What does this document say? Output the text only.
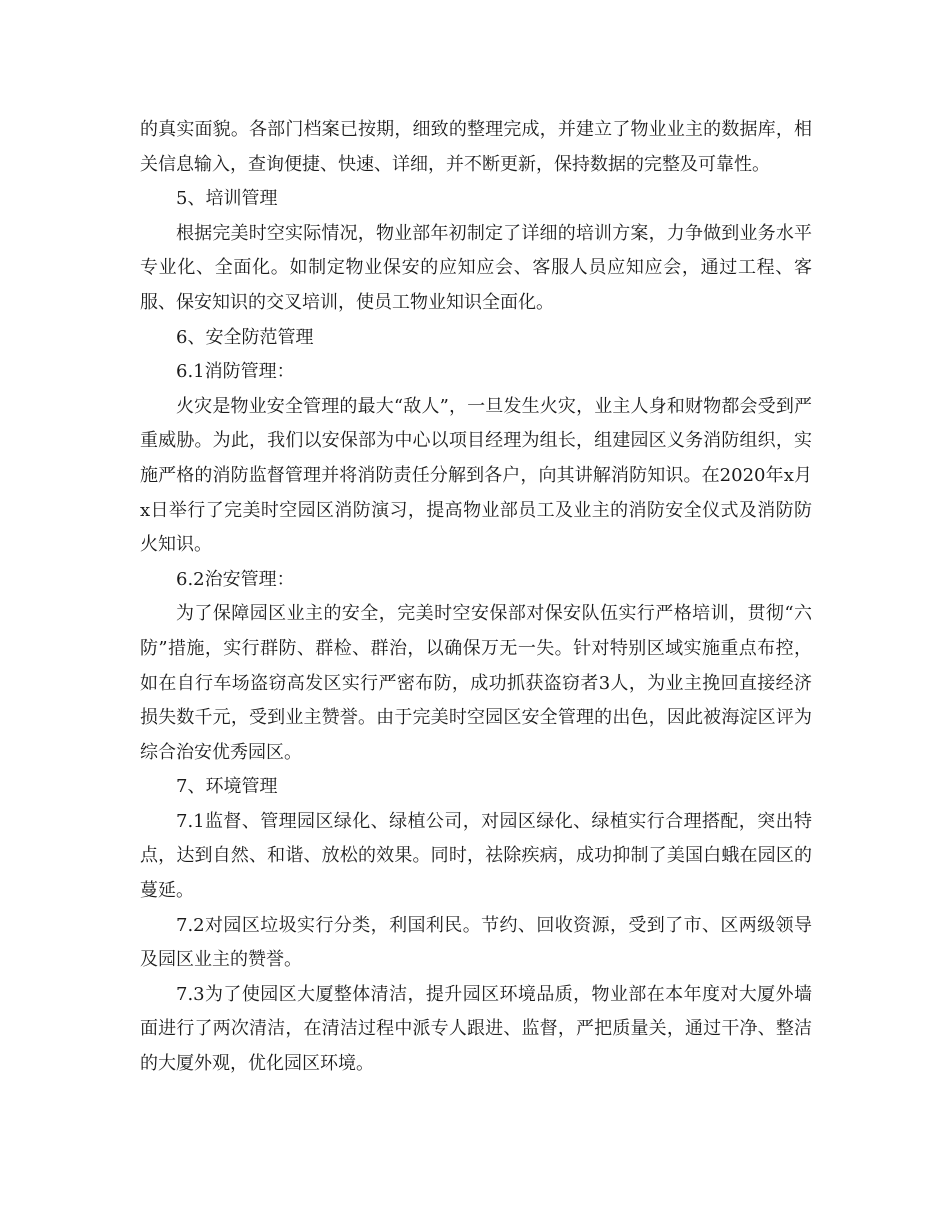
的真实面貌。各部门档案已按期，细致的整理完成，并建立了物业业主的数据库，相关信息输入，查询便捷、快速、详细，并不断更新，保持数据的完整及可靠性。

5、培训管理

根据完美时空实际情况，物业部年初制定了详细的培训方案，力争做到业务水平专业化、全面化。如制定物业保安的应知应会、客服人员应知应会，通过工程、客服、保安知识的交叉培训，使员工物业知识全面化。

6、安全防范管理

6.1消防管理：

火灾是物业安全管理的最大“敌人”，一旦发生火灾，业主人身和财物都会受到严重威胁。为此，我们以安保部为中心以项目经理为组长，组建园区义务消防组织，实施严格的消防监督管理并将消防责任分解到各户，向其讲解消防知识。在2020年x月x日举行了完美时空园区消防演习，提高物业部员工及业主的消防安全仪式及消防防火知识。

6.2治安管理：

为了保障园区业主的安全，完美时空安保部对保安队伍实行严格培训，贯彻“六防”措施，实行群防、群检、群治，以确保万无一失。针对特别区域实施重点布控，如在自行车场盗窃高发区实行严密布防，成功抓获盗窃者3人，为业主挽回直接经济损失数千元，受到业主赞誉。由于完美时空园区安全管理的出色，因此被海淀区评为综合治安优秀园区。

7、环境管理

7.1监督、管理园区绿化、绿植公司，对园区绿化、绿植实行合理搭配，突出特点，达到自然、和谐、放松的效果。同时，祛除疾病，成功抑制了美国白蛾在园区的蔓延。

7.2对园区垃圾实行分类，利国利民。节约、回收资源，受到了市、区两级领导及园区业主的赞誉。

7.3为了使园区大厦整体清洁，提升园区环境品质，物业部在本年度对大厦外墙面进行了两次清洁，在清洁过程中派专人跟进、监督，严把质量关，通过干净、整洁的大厦外观，优化园区环境。
